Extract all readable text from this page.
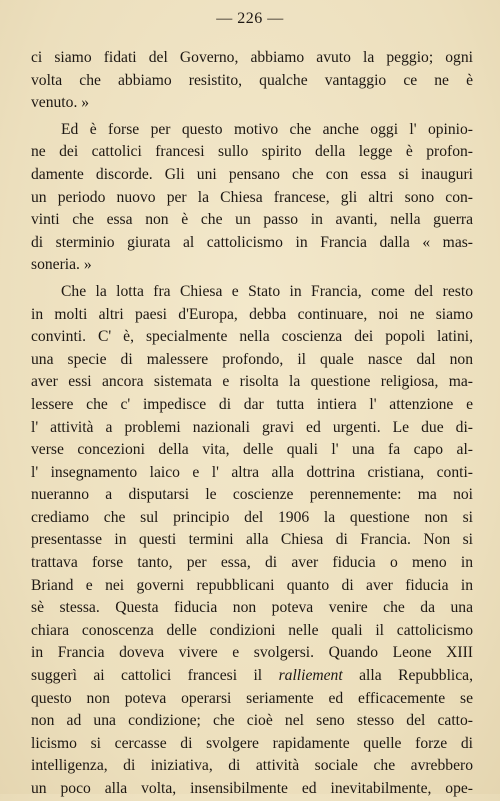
— 226 —
ci siamo fidati del Governo, abbiamo avuto la peggio; ogni
volta che abbiamo resistito, qualche vantaggio ce ne è
venuto. »
Ed è forse per questo motivo che anche oggi l' opinio-
ne dei cattolici francesi sullo spirito della legge è profon-
damente discorde. Gli uni pensano che con essa si inauguri
un periodo nuovo per la Chiesa francese, gli altri sono con-
vinti che essa non è che un passo in avanti, nella guerra
di sterminio giurata al cattolicismo in Francia dalla « mas-
soneria. »
Che la lotta fra Chiesa e Stato in Francia, come del resto
in molti altri paesi d'Europa, debba continuare, noi ne siamo
convinti. C' è, specialmente nella coscienza dei popoli latini,
una specie di malessere profondo, il quale nasce dal non
aver essi ancora sistemata e risolta la questione religiosa, ma-
lessere che c' impedisce di dar tutta intiera l' attenzione e
l' attività a problemi nazionali gravi ed urgenti. Le due di-
verse concezioni della vita, delle quali l' una fa capo al-
l' insegnamento laico e l' altra alla dottrina cristiana, conti-
nueranno a disputarsi le coscienze perennemente: ma noi
crediamo che sul principio del 1906 la questione non si
presentasse in questi termini alla Chiesa di Francia. Non si
trattava forse tanto, per essa, di aver fiducia o meno in
Briand e nei governi repubblicani quanto di aver fiducia in
sè stessa. Questa fiducia non poteva venire che da una
chiara conoscenza delle condizioni nelle quali il cattolicismo
in Francia doveva vivere e svolgersi. Quando Leone XIII
suggerì ai cattolici francesi il ralliement alla Repubblica,
questo non poteva operarsi seriamente ed efficacemente se
non ad una condizione; che cioè nel seno stesso del catto-
licismo si cercasse di svolgere rapidamente quelle forze di
intelligenza, di iniziativa, di attività sociale che avrebbero
un poco alla volta, insensibilmente ed inevitabilmente, ope-
